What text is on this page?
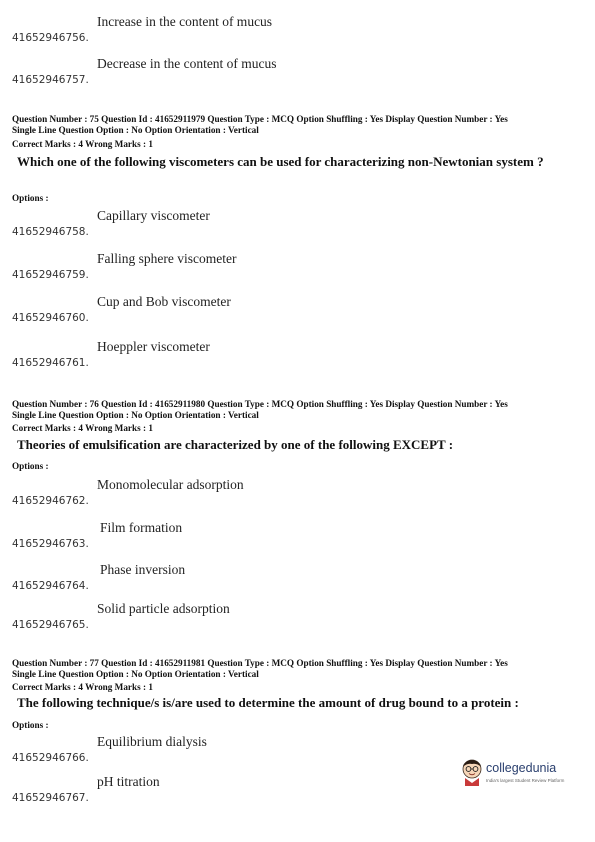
41652946756.
Increase in the content of mucus
41652946757.
Decrease in the content of mucus
Question Number : 75 Question Id : 41652911979 Question Type : MCQ Option Shuffling : Yes Display Question Number : Yes
Single Line Question Option : No Option Orientation : Vertical
Correct Marks : 4 Wrong Marks : 1
Which one of the following viscometers can be used for characterizing non-Newtonian system ?
Options :
41652946758.
Capillary viscometer
41652946759.
Falling sphere viscometer
41652946760.
Cup and Bob viscometer
41652946761.
Hoeppler viscometer
Question Number : 76 Question Id : 41652911980 Question Type : MCQ Option Shuffling : Yes Display Question Number : Yes
Single Line Question Option : No Option Orientation : Vertical
Correct Marks : 4 Wrong Marks : 1
Theories of emulsification are characterized by one of the following EXCEPT :
Options :
41652946762.
Monomolecular adsorption
41652946763.
Film formation
41652946764.
Phase inversion
41652946765.
Solid particle adsorption
Question Number : 77 Question Id : 41652911981 Question Type : MCQ Option Shuffling : Yes Display Question Number : Yes
Single Line Question Option : No Option Orientation : Vertical
Correct Marks : 4 Wrong Marks : 1
The following technique/s is/are used to determine the amount of drug bound to a protein :
Options :
41652946766.
Equilibrium dialysis
41652946767.
pH titration
collegedunia
India's largest Student Review Platform
